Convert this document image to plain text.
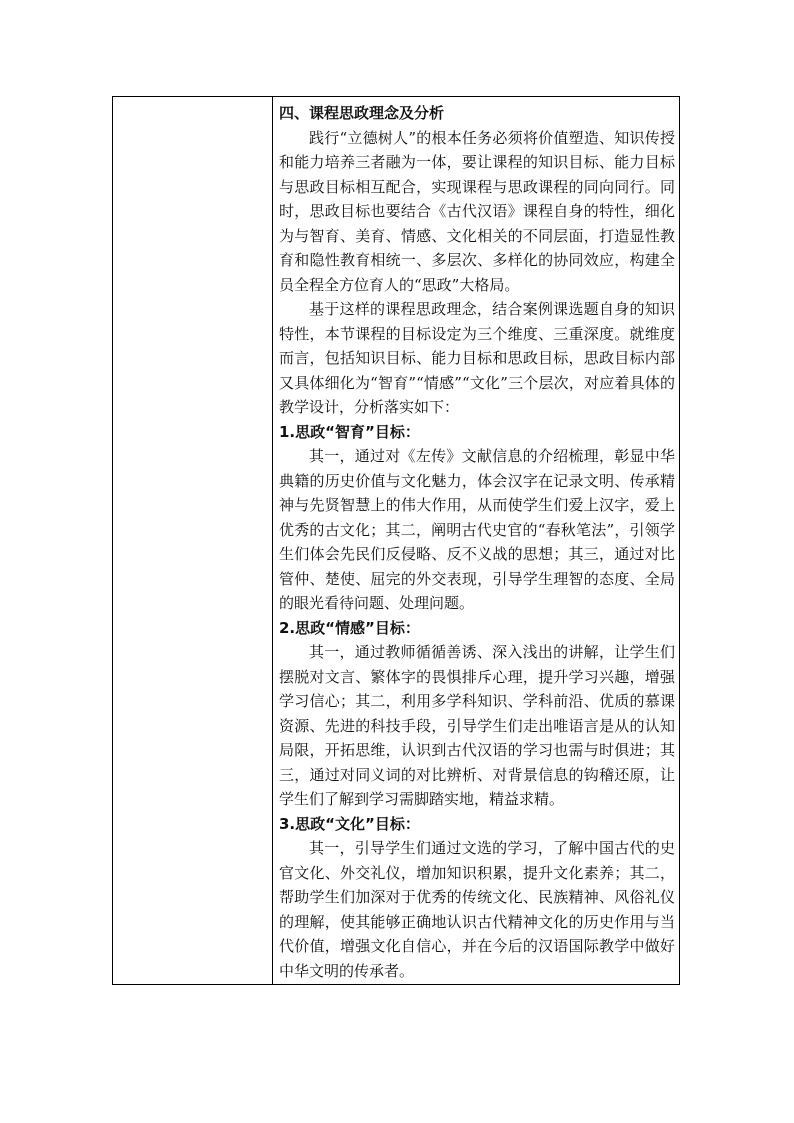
四、课程思政理念及分析

践行“立德树人”的根本任务必须将价值塑造、知识传授和能力培养三者融为一体，要让课程的知识目标、能力目标与思政目标相互配合，实现课程与思政课程的同向同行。同时，思政目标也要结合《古代汉语》课程自身的特性，细化为与智育、美育、情感、文化相关的不同层面，打造显性教育和隐性教育相统一、多层次、多样化的协同效应，构建全员全程全方位育人的“思政”大格局。

基于这样的课程思政理念，结合案例课选题自身的知识特性，本节课程的目标设定为三个维度、三重深度。就维度而言，包括知识目标、能力目标和思政目标，思政目标内部又具体细化为“智育”“情感”“文化”三个层次，对应着具体的教学设计，分析落实如下：

1.思政“智育”目标：

其一，通过对《左传》文献信息的介绍梳理，彰显中华典籍的历史价值与文化魅力，体会汉字在记录文明、传承精神与先贤智慧上的伟大作用，从而使学生们爱上汉字，爱上优秀的古文化；其二，阐明古代史官的“春秋笔法”，引领学生们体会先民们反侵略、反不义战的思想；其三，通过对比管仲、楚使、屈完的外交表现，引导学生理智的态度、全局的眼光看待问题、处理问题。

2.思政“情感”目标：

其一，通过教师循循善诱、深入浅出的讲解，让学生们摆脱对文言、繁体字的畏惧排斥心理，提升学习兴趣，增强学习信心；其二，利用多学科知识、学科前沿、优质的慕课资源、先进的科技手段，引导学生们走出唯语言是从的认知局限，开拓思维，认识到古代汉语的学习也需与时俱进；其三，通过对同义词的对比辨析、对背景信息的钩稽还原，让学生们了解到学习需脚踏实地，精益求精。

3.思政“文化”目标：

其一，引导学生们通过文选的学习，了解中国古代的史官文化、外交礼仪，增加知识积累，提升文化素养；其二，帮助学生们加深对于优秀的传统文化、民族精神、风俗礼仪的理解，使其能够正确地认识古代精神文化的历史作用与当代价值，增强文化自信心，并在今后的汉语国际教学中做好中华文明的传承者。
